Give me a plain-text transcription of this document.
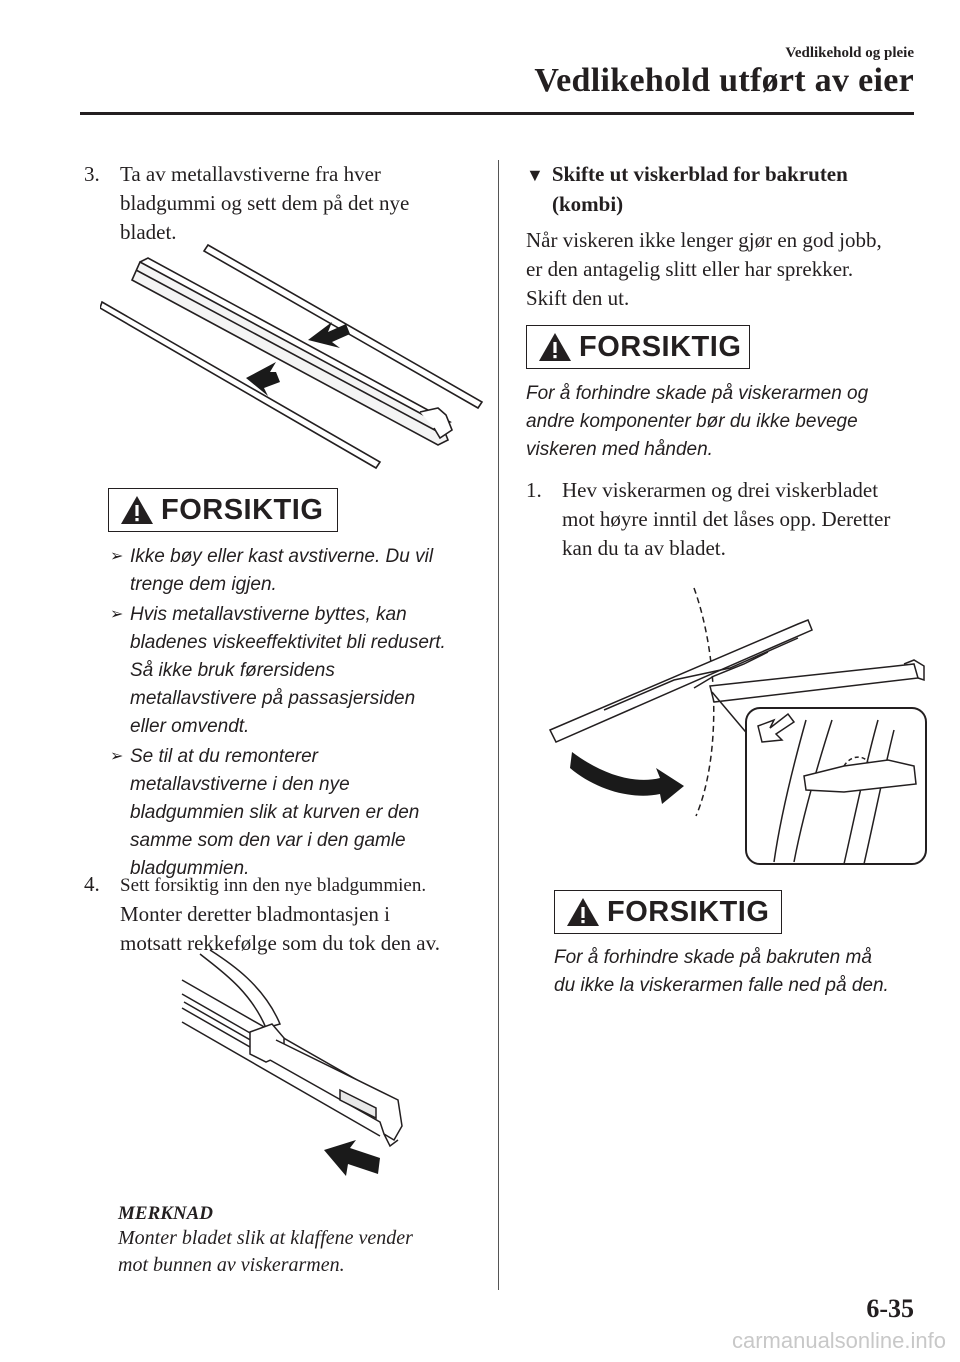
Vedlikehold og pleie
Vedlikehold utført av eier
3. Ta av metallavstiverne fra hver
bladgummi og sett dem på det nye
bladet.
FORSIKTIG
➢ Ikke bøy eller kast avstiverne. Du vil
trenge dem igjen.
➢ Hvis metallavstiverne byttes, kan
bladenes viskeeffektivitet bli redusert.
Så ikke bruk førersidens
metallavstivere på passasjersiden
eller omvendt.
➢ Se til at du remonterer
metallavstiverne i den nye
bladgummien slik at kurven er den
samme som den var i den gamle
bladgummien.
4. Sett forsiktig inn den nye bladgummien.
Monter deretter bladmontasjen i
motsatt rekkefølge som du tok den av.
MERKNAD
Monter bladet slik at klaffene vender
mot bunnen av viskerarmen.
▼ Skifte ut viskerblad for bakruten
(kombi)
Når viskeren ikke lenger gjør en god jobb,
er den antagelig slitt eller har sprekker.
Skift den ut.
FORSIKTIG
For å forhindre skade på viskerarmen og
andre komponenter bør du ikke bevege
viskeren med hånden.
1. Hev viskerarmen og drei viskerbladet
mot høyre inntil det låses opp. Deretter
kan du ta av bladet.
FORSIKTIG
For å forhindre skade på bakruten må
du ikke la viskerarmen falle ned på den.
6-35
carmanualsonline.info
